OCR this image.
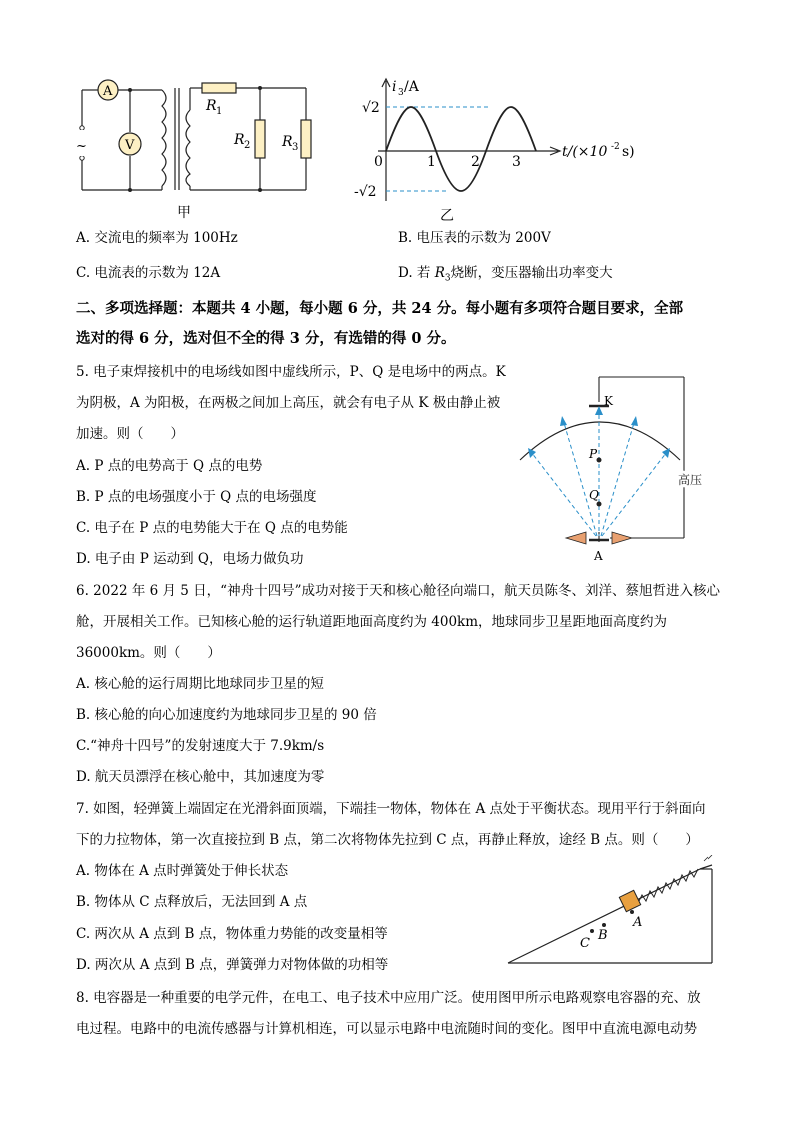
~
A
V
R 1
R 2 R 3
甲
i 3 /A
√2
-√2
0	1	2 3
t/(×10 -2 s)
乙
A. 交流电的频率为 100Hz	B. 电压表的示数为 200V
C. 电流表的示数为 12A	D. 若 $R_3$烧断，变压器输出功率变大
二、多项选择题：本题共 4 小题，每小题 6 分，共 24 分。每小题有多项符合题目要求，全部
选对的得 6 分，选对但不全的得 3 分，有选错的得 0 分。
5. 电子束焊接机中的电场线如图中虚线所示，P、Q 是电场中的两点。K
为阴极，A 为阳极，在两极之间加上高压，就会有电子从 K 极由静止被
加速。则（　　）
A. P 点的电势高于 Q 点的电势
B. P 点的电场强度小于 Q 点的电场强度
C. 电子在 P 点的电势能大于在 Q 点的电势能
D. 电子由 P 运动到 Q，电场力做负功
K
P
Q
A
高压
6. 2022 年 6 月 5 日，“神舟十四号”成功对接于天和核心舱径向端口，航天员陈冬、刘洋、蔡旭哲进入核心
舱，开展相关工作。已知核心舱的运行轨道距地面高度约为 400km，地球同步卫星距地面高度约为
36000km。则（　　）
A. 核心舱的运行周期比地球同步卫星的短
B. 核心舱的向心加速度约为地球同步卫星的 90 倍
C.“神舟十四号”的发射速度大于 7.9km/s
D. 航天员漂浮在核心舱中，其加速度为零
7. 如图，轻弹簧上端固定在光滑斜面顶端，下端挂一物体，物体在 A 点处于平衡状态。现用平行于斜面向
下的力拉物体，第一次直接拉到 B 点，第二次将物体先拉到 C 点，再静止释放，途经 B 点。则（　　）
A. 物体在 A 点时弹簧处于伸长状态
B. 物体从 C 点释放后，无法回到 A 点
C. 两次从 A 点到 B 点，物体重力势能的改变量相等
D. 两次从 A 点到 B 点，弹簧弹力对物体做的功相等
A
B
C
8. 电容器是一种重要的电学元件，在电工、电子技术中应用广泛。使用图甲所示电路观察电容器的充、放
电过程。电路中的电流传感器与计算机相连，可以显示电路中电流随时间的变化。图甲中直流电源电动势
